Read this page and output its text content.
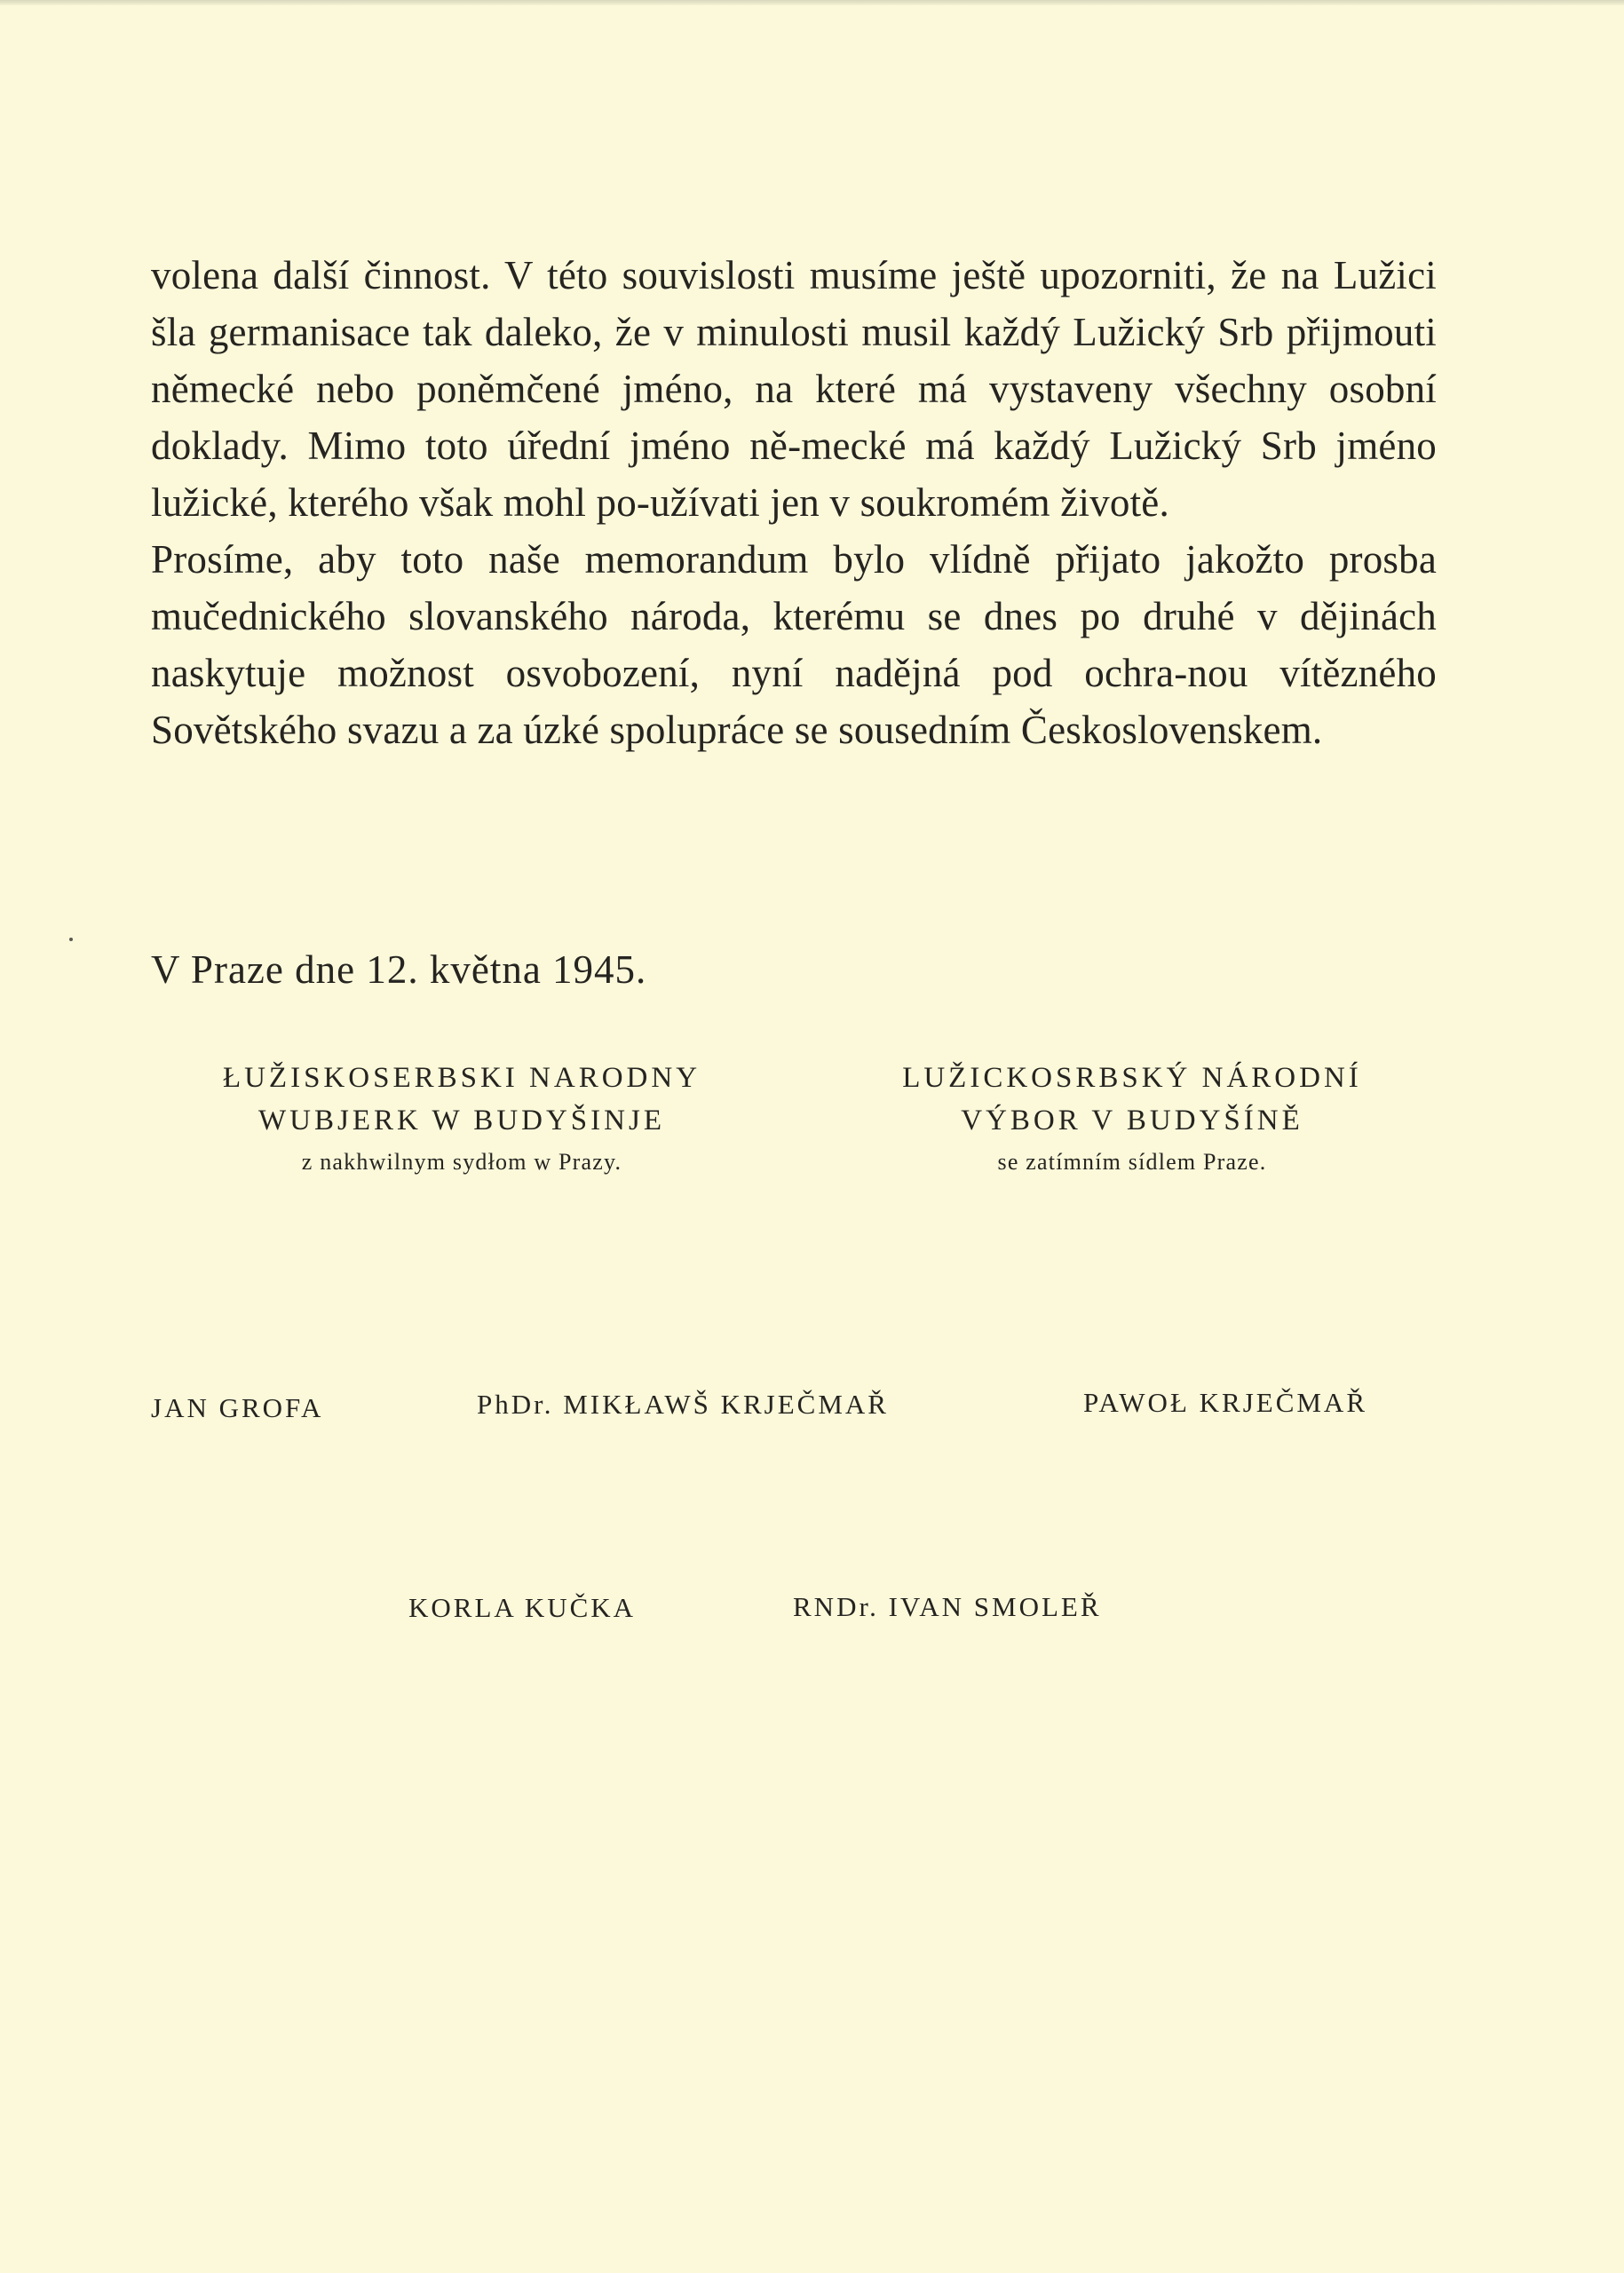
volena další činnost. V této souvislosti musíme ještě upozorniti, že na Lužici šla germanisace tak daleko, že v minulosti musil každý Lužický Srb přijmouti německé nebo poněmčené jméno, na které má vystaveny všechny osobní doklady. Mimo toto úřední jméno ně-mecké má každý Lužický Srb jméno lužické, kterého však mohl po-užívati jen v soukromém životě.

Prosíme, aby toto naše memorandum bylo vlídně přijato jakožto prosba mučednického slovanského národa, kterému se dnes po druhé v dějinách naskytuje možnost osvobození, nyní nadějná pod ochra-nou vítězného Sovětského svazu a za úzké spolupráce se sousedním Československem.

V Praze dne 12. května 1945.

ŁUŽISKOSERBSKI NARODNY
WUBJERK W BUDYŠINJE
z nakhwilnym sydłom w Prazy.
LUŽICKOSRBSKÝ NÁRODNÍ
VÝBOR V BUDYŠÍNĚ
se zatímním sídlem Praze.
JAN GROFA	PhDr. MIKŁAWŠ KRJEČMAŘ	PAWOŁ KRJEČMAŘ
KORLA KUČKA	RNDr. IVAN SMOLEŘ
